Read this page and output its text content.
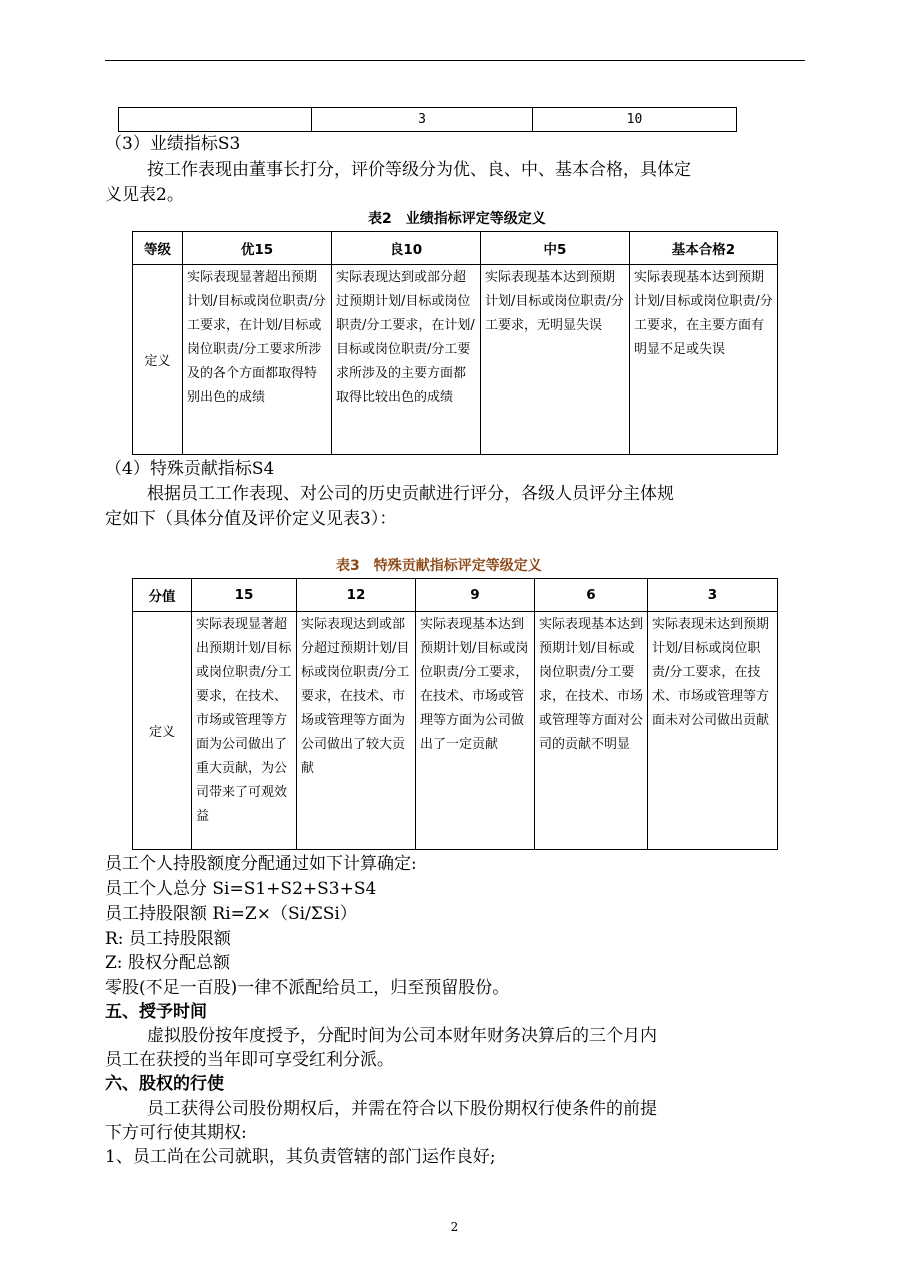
	3	10
（3）业绩指标S3
按工作表现由董事长打分，评价等级分为优、良、中、基本合格，具体定
义见表2。
表2　业绩指标评定等级定义
等级	优15	良10	中5	基本合格2
定义	实际表现显著超出预期计划/目标或岗位职责/分工要求，在计划/目标或岗位职责/分工要求所涉及的各个方面都取得特别出色的成绩	实际表现达到或部分超过预期计划/目标或岗位职责/分工要求，在计划/目标或岗位职责/分工要求所涉及的主要方面都取得比较出色的成绩	实际表现基本达到预期计划/目标或岗位职责/分工要求，无明显失误	实际表现基本达到预期计划/目标或岗位职责/分工要求，在主要方面有明显不足或失误
（4）特殊贡献指标S4
根据员工工作表现、对公司的历史贡献进行评分，各级人员评分主体规
定如下（具体分值及评价定义见表3）：
表3　特殊贡献指标评定等级定义
分值	15	12	9	6	3
定义	实际表现显著超出预期计划/目标或岗位职责/分工要求，在技术、市场或管理等方面为公司做出了重大贡献，为公司带来了可观效益	实际表现达到或部分超过预期计划/目标或岗位职责/分工要求，在技术、市场或管理等方面为公司做出了较大贡献	实际表现基本达到预期计划/目标或岗位职责/分工要求，在技术、市场或管理等方面为公司做出了一定贡献	实际表现基本达到预期计划/目标或岗位职责/分工要求，在技术、市场或管理等方面对公司的贡献不明显	实际表现未达到预期计划/目标或岗位职责/分工要求，在技术、市场或管理等方面未对公司做出贡献
员工个人持股额度分配通过如下计算确定:
员工个人总分 Si=S1+S2+S3+S4
员工持股限额 Ri=Z×（Si/ΣSi）
R: 员工持股限额
Z: 股权分配总额
零股(不足一百股)一律不派配给员工，归至预留股份。
五、授予时间
虚拟股份按年度授予，分配时间为公司本财年财务决算后的三个月内
员工在获授的当年即可享受红利分派。
六、股权的行使
员工获得公司股份期权后，并需在符合以下股份期权行使条件的前提
下方可行使其期权:
1、员工尚在公司就职，其负责管辖的部门运作良好;
2
